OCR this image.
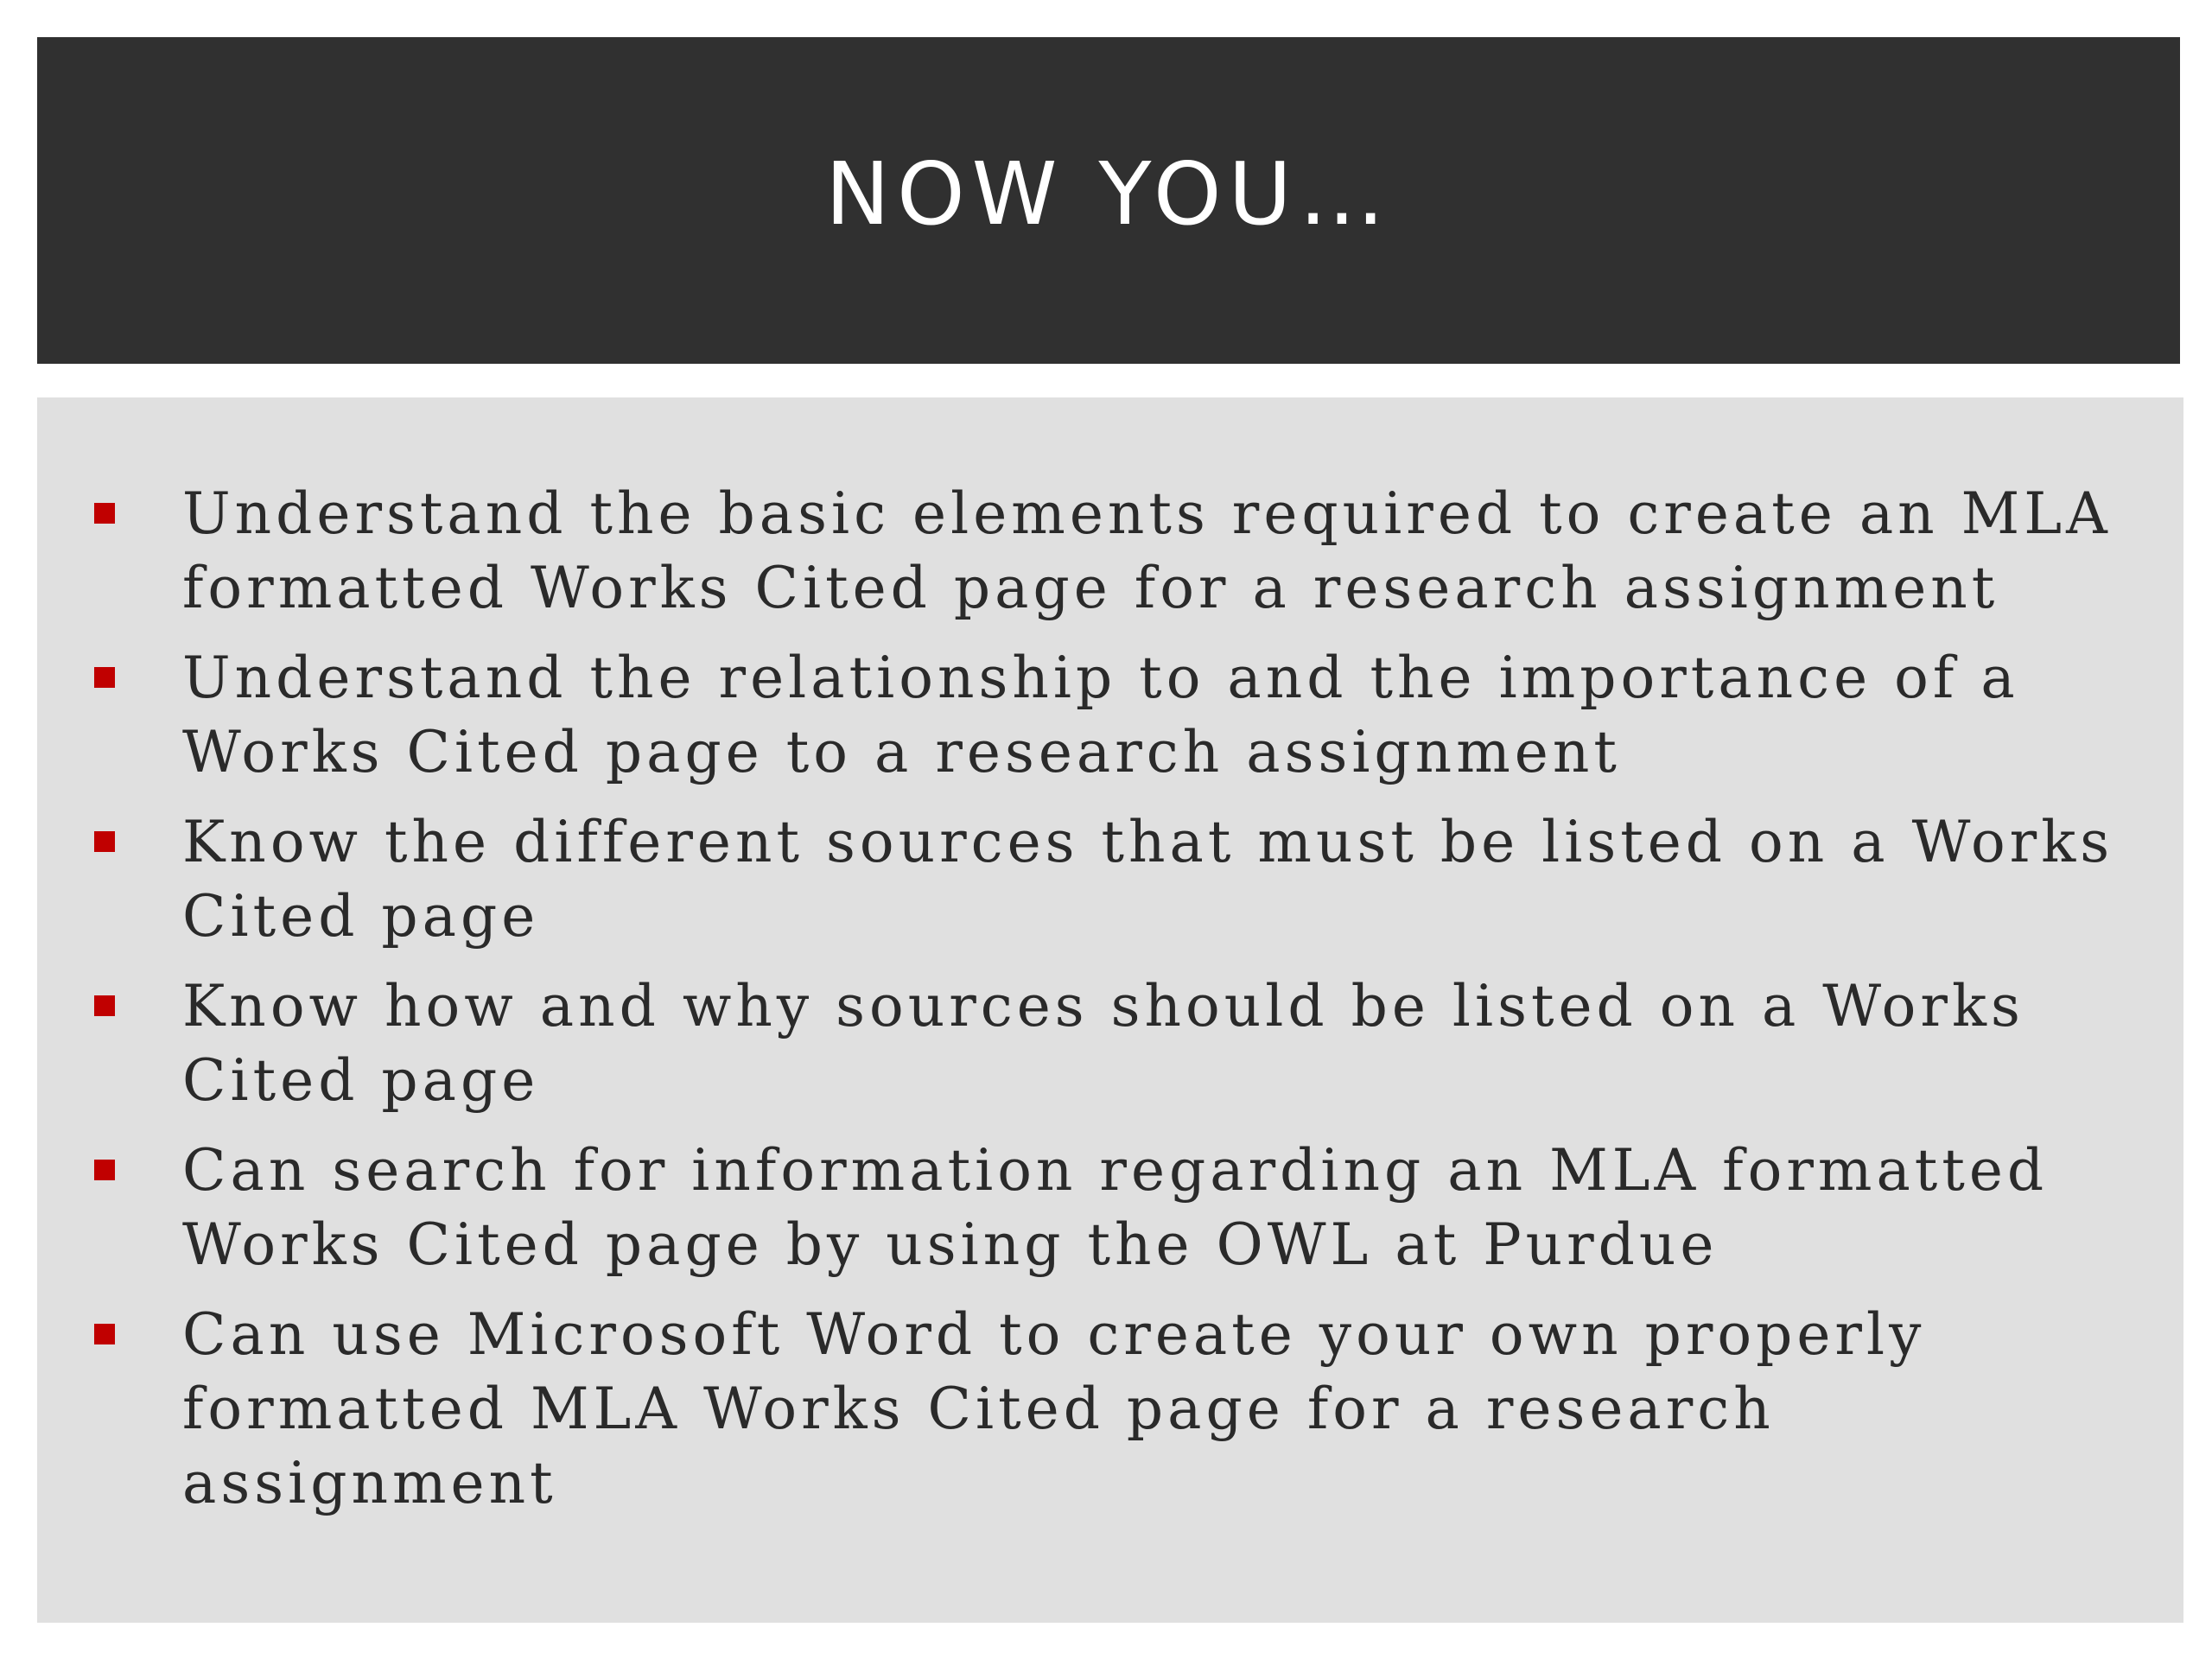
NOW YOU…
Understand the basic elements required to create an MLA formatted Works Cited page for a research assignment
Understand the relationship to and the importance of a Works Cited page to a research assignment
Know the different sources that must be listed on a Works Cited page
Know how and why sources should be listed on a Works Cited page
Can search for information regarding an MLA formatted Works Cited page by using the OWL at Purdue
Can use Microsoft Word to create your own properly formatted MLA Works Cited page for a research assignment
